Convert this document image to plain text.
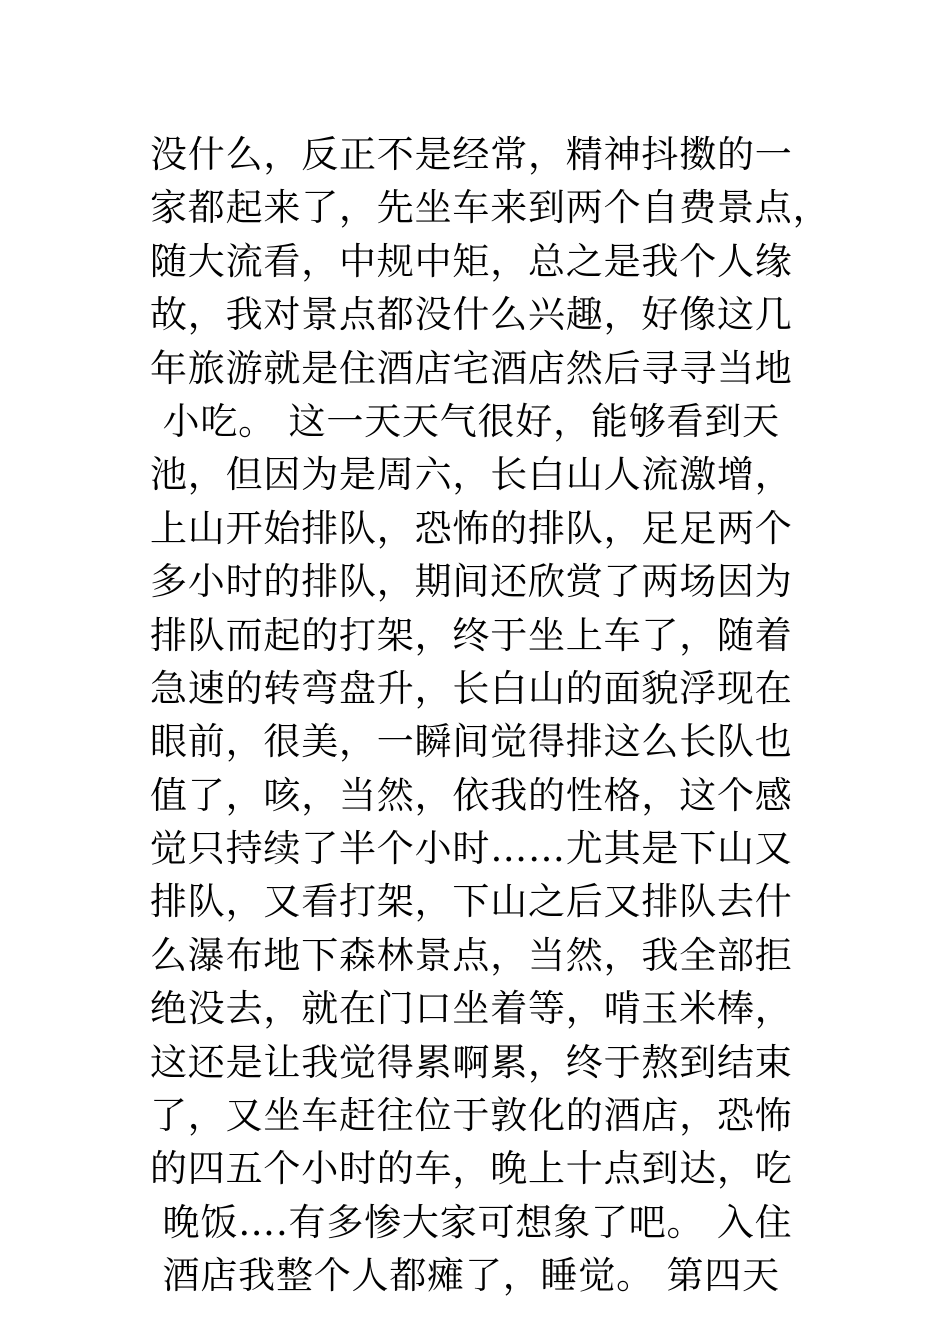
没什么，反正不是经常，精神抖擞的一
家都起来了，先坐车来到两个自费景点，
随大流看，中规中矩，总之是我个人缘
故，我对景点都没什么兴趣，好像这几
年旅游就是住酒店宅酒店然后寻寻当地
小吃。 这一天天气很好，能够看到天
池，但因为是周六，长白山人流激增，
上山开始排队，恐怖的排队，足足两个
多小时的排队，期间还欣赏了两场因为
排队而起的打架，终于坐上车了，随着
急速的转弯盘升，长白山的面貌浮现在
眼前，很美，一瞬间觉得排这么长队也
值了，咳，当然，依我的性格，这个感
觉只持续了半个小时……尤其是下山又
排队，又看打架，下山之后又排队去什
么瀑布地下森林景点，当然，我全部拒
绝没去，就在门口坐着等，啃玉米棒，
这还是让我觉得累啊累，终于熬到结束
了，又坐车赶往位于敦化的酒店，恐怖
的四五个小时的车，晚上十点到达，吃
晚饭….有多惨大家可想象了吧。 入住
酒店我整个人都瘫了，睡觉。 第四天
